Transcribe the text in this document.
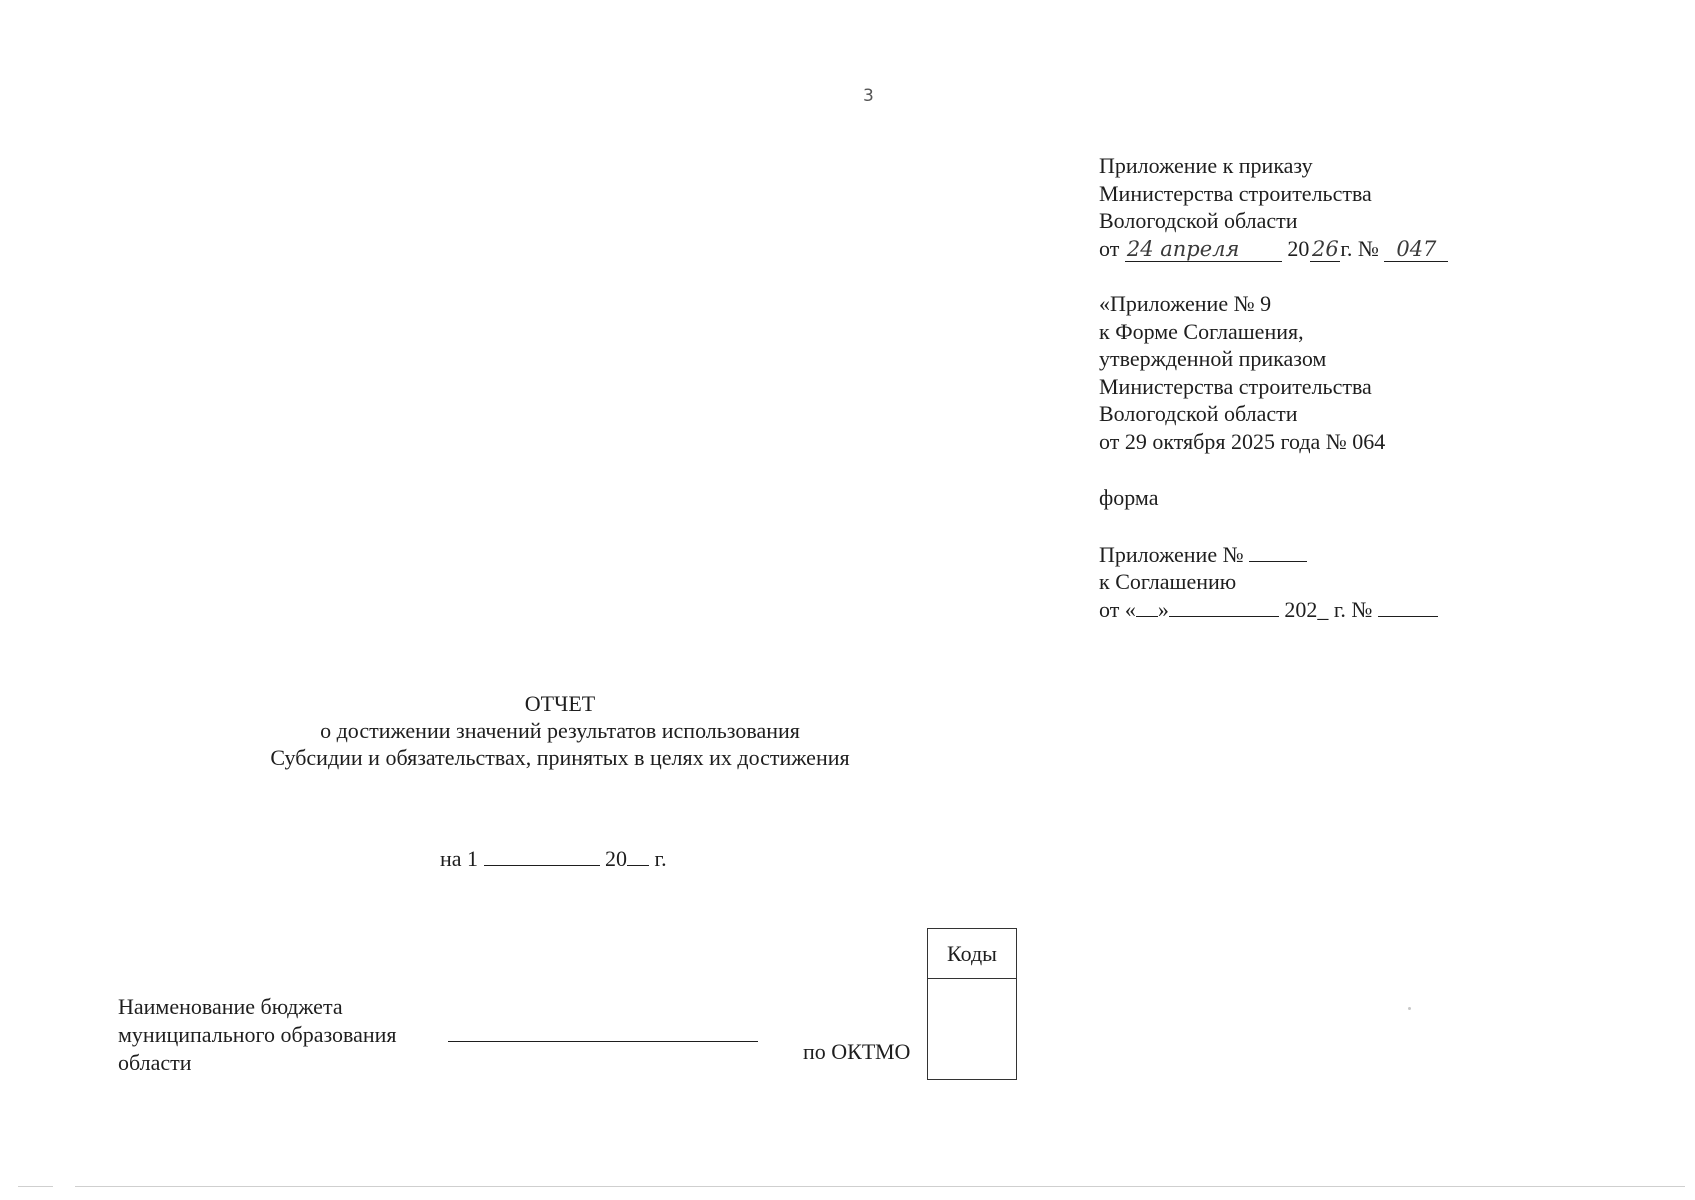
3
Приложение к приказу
Министерства строительства
Вологодской области
от 24 апреля 20 26г. № 047
«Приложение № 9
к Форме Соглашения,
утвержденной приказом
Министерства строительства
Вологодской области
от 29 октября 2025 года № 064
форма
Приложение №
к Соглашению
от « »	202_ г. №
ОТЧЕТ
о достижении значений результатов использования
Субсидии и обязательствах, принятых в целях их достижения
на 1	20 г.
Наименование бюджета
муниципального образования
области	по ОКТМО
Коды
